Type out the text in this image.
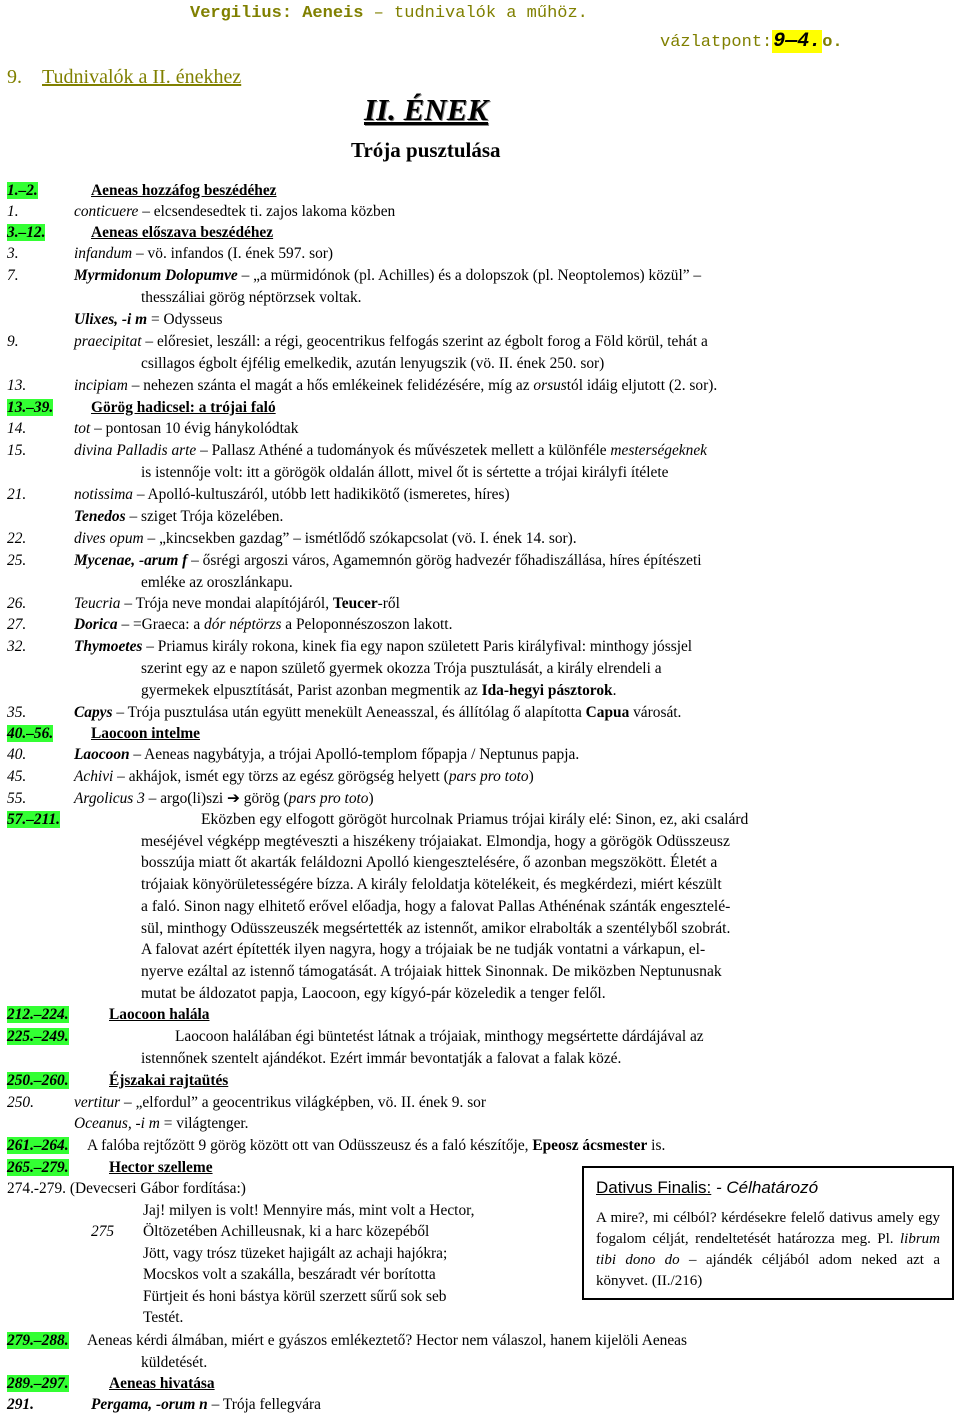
Vergilius: Aeneis – tudnivalók a műhöz.
vázlatpont:9—4.o.
9. Tudnivalók a II. énekhez
II. ÉNEK
Trója pusztulása
1.–2.	Aeneas hozzáfog beszédéhez
1.	conticuere – elcsendesedtek ti. zajos lakoma közben
3.–12.	Aeneas előszava beszédéhez
3.	infandum – vö. infandos (I. ének 597. sor)
7.	Myrmidonum Dolopumve – „a mürmidónok (pl. Achilles) és a dolopszok (pl. Neoptolemos) közül” –
thesszáliai görög néptörzsek voltak.
Ulixes, -i m = Odysseus
9.	praecipitat – előresiet, leszáll: a régi, geocentrikus felfogás szerint az égbolt forog a Föld körül, tehát a
csillagos égbolt éjfélig emelkedik, azután lenyugszik (vö. II. ének 250. sor)
13.	incipiam – nehezen szánta el magát a hős emlékeinek felidézésére, míg az orsustól idáig eljutott (2. sor).
13.–39. Görög hadicsel: a trójai faló
14.	tot – pontosan 10 évig hánykolódtak
15.	divina Palladis arte – Pallasz Athéné a tudományok és művészetek mellett a különféle mesterségeknek
is istennője volt: itt a görögök oldalán állott, mivel őt is sértette a trójai királyfi ítélete
21.	notissima – Apolló-kultuszáról, utóbb lett hadikikötő (ismeretes, híres)
Tenedos – sziget Trója közelében.
22.	dives opum – „kincsekben gazdag” – ismétlődő szókapcsolat (vö. I. ének 14. sor).
25.	Mycenae, -arum f – ősrégi argoszi város, Agamemnón görög hadvezér főhadiszállása, híres építészeti
emléke az oroszlánkapu.
26.	Teucria – Trója neve mondai alapítójáról, Teucer-ről
27.	Dorica – =Graeca: a dór néptörzs a Peloponnészoszon lakott.
32.	Thymoetes – Priamus király rokona, kinek fia egy napon született Paris királyfival: minthogy jóssjel
szerint egy az e napon születő gyermek okozza Trója pusztulását, a király elrendeli a
gyermekek elpusztítását, Parist azonban megmentik az Ida-hegyi pásztorok.
35.	Capys – Trója pusztulása után együtt menekült Aeneasszal, és állítólag ő alapította Capua városát.
40.–56. Laocoon intelme
40.	Laocoon – Aeneas nagybátyja, a trójai Apolló-templom főpapja / Neptunus papja.
45.	Achivi – akhájok, ismét egy törzs az egész görögség helyett (pars pro toto)
55.	Argolicus 3 – argo(li)szi ➔ görög (pars pro toto)
57.–211.	Eközben egy elfogott görögöt hurcolnak Priamus trójai király elé: Sinon, ez, aki csalárd
meséjével végképp megtéveszti a hiszékeny trójaiakat. Elmondja, hogy a görögök Odüsszeusz
bosszúja miatt őt akarták feláldozni Apolló kiengesztelésére, ő azonban megszökött. Életét a
trójaiak könyörületességére bízza. A király feloldatja kötelékeit, és megkérdezi, miért készült
a faló. Sinon nagy elhitető erővel előadja, hogy a falovat Pallas Athénénak szánták engesztelé-
sül, minthogy Odüsszeuszék megsértették az istennőt, amikor elrabolták a szentélyből szobrát.
A falovat azért építették ilyen nagyra, hogy a trójaiak be ne tudják vontatni a várkapun, el-
nyerve ezáltal az istennő támogatását. A trójaiak hittek Sinonnak. De miközben Neptunusnak
mutat be áldozatot papja, Laocoon, egy kígyó-pár közeledik a tenger felől.
212.–224.	Laocoon halála
225.–249.	Laocoon halálában égi büntetést látnak a trójaiak, minthogy megsértette dárdájával az
istennőnek szentelt ajándékot. Ezért immár bevontatják a falovat a falak közé.
250.–260.	Éjszakai rajtaütés
250.	vertitur – „elfordul” a geocentrikus világképben, vö. II. ének 9. sor
Oceanus, -i m = világtenger.
261.–264. A falóba rejtőzött 9 görög között ott van Odüsszeusz és a faló készítője, Epeosz ácsmester is.
265.–279.	Hector szelleme
274.-279. (Devecseri Gábor fordítása:)
Jaj! milyen is volt! Mennyire más, mint volt a Hector,
Öltözetében Achilleusnak, ki a harc közepéből
Jött, vagy trósz tüzeket hajigált az achaji hajókra;
Mocskos volt a szakálla, beszáradt vér borította
Fürtjeit és honi bástya körül szerzett sűrű sok seb
Testét.
275
279.–288. Aeneas kérdi álmában, miért e gyászos emlékeztető? Hector nem válaszol, hanem kijelöli Aeneas
küldetését.
289.–297.	Aeneas hivatása
291.	Pergama, -orum n – Trója fellegvára
Dativus Finalis: - Célhatározó
A mire?, mi célból? kérdésekre felelő dativus amely egy fogalom célját, rendeltetését határozza meg. Pl. librum tibi dono do – ajándék céljából adom neked azt a könyvet. (II./216)
